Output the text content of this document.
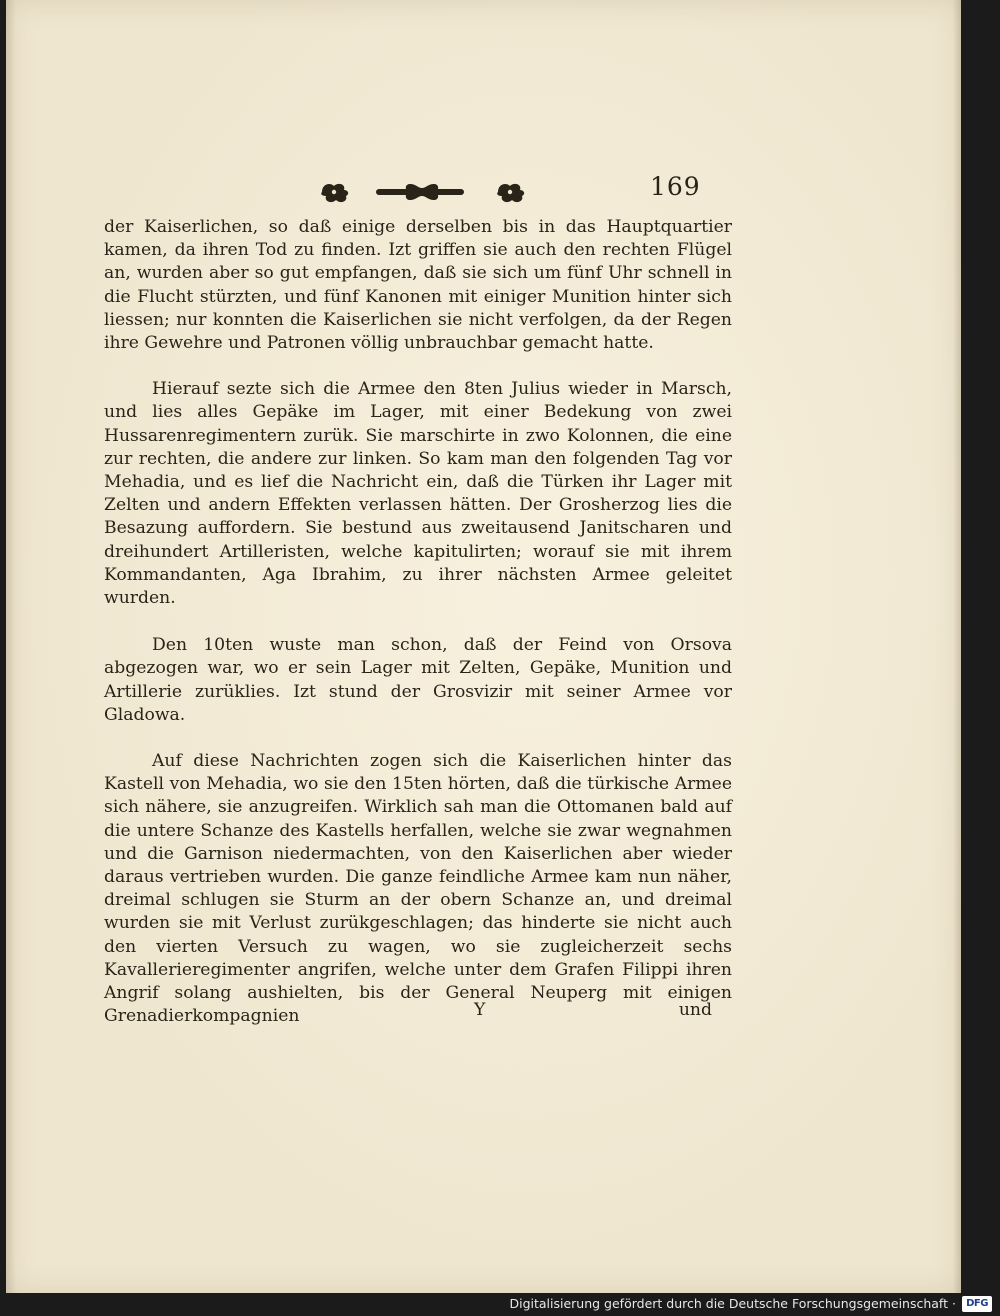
169

der Kaiserlichen, so daß einige derselben bis in das Hauptquartier kamen, da ihren Tod zu finden. Izt griffen sie auch den rechten Flügel an, wurden aber so gut empfangen, daß sie sich um fünf Uhr schnell in die Flucht stürzten, und fünf Kanonen mit einiger Munition hinter sich liessen; nur konnten die Kaiserlichen sie nicht verfolgen, da der Regen ihre Gewehre und Patronen völlig unbrauchbar gemacht hatte.

Hierauf sezte sich die Armee den 8ten Julius wieder in Marsch, und lies alles Gepäke im Lager, mit einer Bedekung von zwei Hussarenregimentern zurük. Sie marschirte in zwo Kolonnen, die eine zur rechten, die andere zur linken. So kam man den folgenden Tag vor Mehadia, und es lief die Nachricht ein, daß die Türken ihr Lager mit Zelten und andern Effekten verlassen hätten. Der Grosherzog lies die Besazung auffordern. Sie bestund aus zweitausend Janitscharen und dreihundert Artilleristen, welche kapitulirten; worauf sie mit ihrem Kommandanten, Aga Ibrahim, zu ihrer nächsten Armee geleitet wurden.

Den 10ten wuste man schon, daß der Feind von Orsova abgezogen war, wo er sein Lager mit Zelten, Gepäke, Munition und Artillerie zurüklies. Izt stund der Grosvizir mit seiner Armee vor Gladowa.

Auf diese Nachrichten zogen sich die Kaiserlichen hinter das Kastell von Mehadia, wo sie den 15ten hörten, daß die türkische Armee sich nähere, sie anzugreifen. Wirklich sah man die Ottomanen bald auf die untere Schanze des Kastells herfallen, welche sie zwar wegnahmen und die Garnison niedermachten, von den Kaiserlichen aber wieder daraus vertrieben wurden. Die ganze feindliche Armee kam nun näher, dreimal schlugen sie Sturm an der obern Schanze an, und dreimal wurden sie mit Verlust zurükgeschlagen; das hinderte sie nicht auch den vierten Versuch zu wagen, wo sie zugleicherzeit sechs Kavallerieregimenter angrifen, welche unter dem Grafen Filippi ihren Angrif solang aushielten, bis der General Neuperg mit einigen Grenadierkompagnien	Y	und
Digitalisierung gefördert durch die Deutsche Forschungsgemeinschaft ·	DFG
